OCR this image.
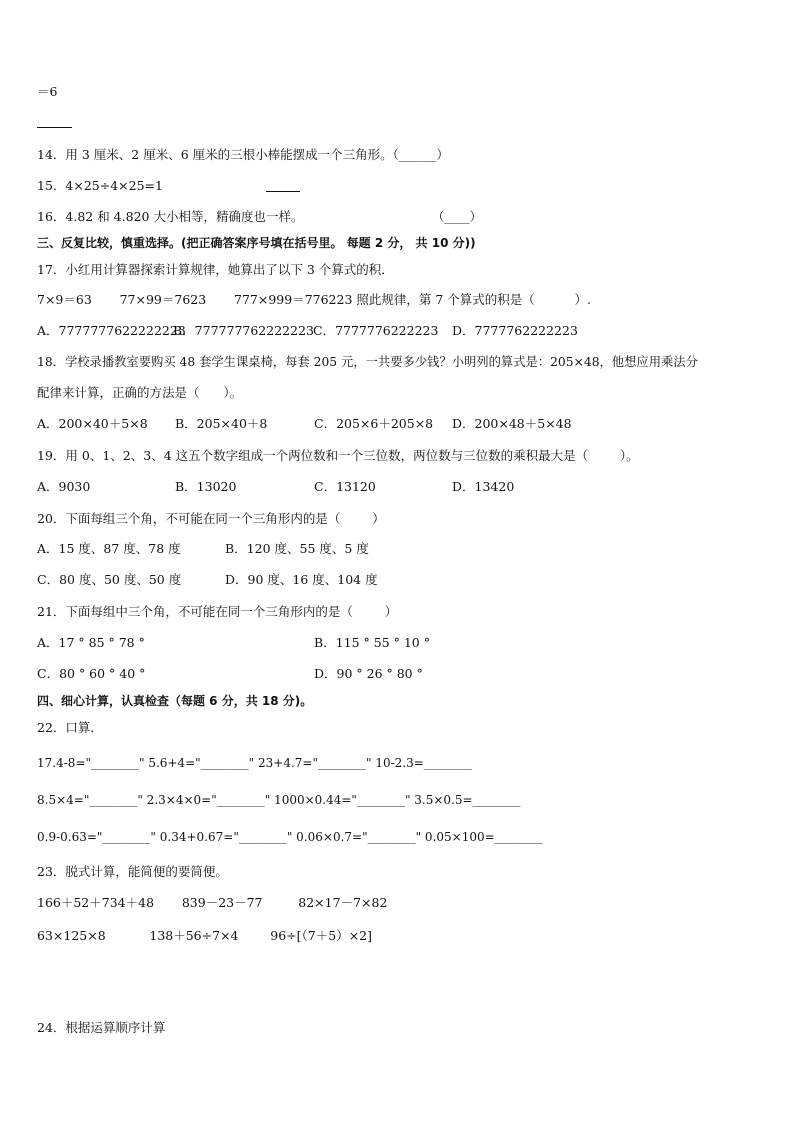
＝6
14．用 3 厘米、2 厘米、6 厘米的三根小棒能摆成一个三角形。（______）
15．4×25÷4×25=1
16．4.82 和 4.820 大小相等，精确度也一样。	（____）
三、反复比较，慎重选择。(把正确答案序号填在括号里。 每题 2 分， 共 10 分))
17．小红用计算器探索计算规律，她算出了以下 3 个算式的积．
7×9＝63       77×99＝7623       777×999＝776223 照此规律，第 7 个算式的积是（          ）.
A．7777777622222223
B．777777762222223 C．7777776222223 D．7777762222223
18．学校录播教室要购买 48 套学生课桌椅，每套 205 元，一共要多少钱？小明列的算式是：205×48，他想应用乘法分
配律来计算，正确的方法是（      ）。
A．200×40＋5×8 B．205×40＋8	C．205×6＋205×8 D．200×48＋5×48
19．用 0、1、2、3、4 这五个数字组成一个两位数和一个三位数，两位数与三位数的乘积最大是（        ）。
A．9030	B．13020	C．13120	D．13420
20．下面每组三个角，不可能在同一个三角形内的是（        ）
A．15 度、87 度、78 度	B．120 度、55 度、5 度
C．80 度、50 度、50 度	D．90 度、16 度、104 度
21．下面每组中三个角，不可能在同一个三角形内的是（        ）
A．17 ° 85 ° 78 °	B．115 ° 55 ° 10 °
C．80 ° 60 ° 40 °	D．90 ° 26 ° 80 °
四、细心计算，认真检查（每题 6 分，共 18 分)。
22．口算．
17.4-8="________" 5.6+4="________" 23+4.7="________" 10-2.3=________
8.5×4="________" 2.3×4×0="________" 1000×0.44="________" 3.5×0.5=________
0.9-0.63="________" 0.34+0.67="________" 0.06×0.7="________" 0.05×100=________
23．脱式计算，能简便的要简便。
166＋52＋734＋48       839－23－77         82×17－7×82
63×125×8           138＋56÷7×4        96÷[（7＋5）×2]
24．根据运算顺序计算
